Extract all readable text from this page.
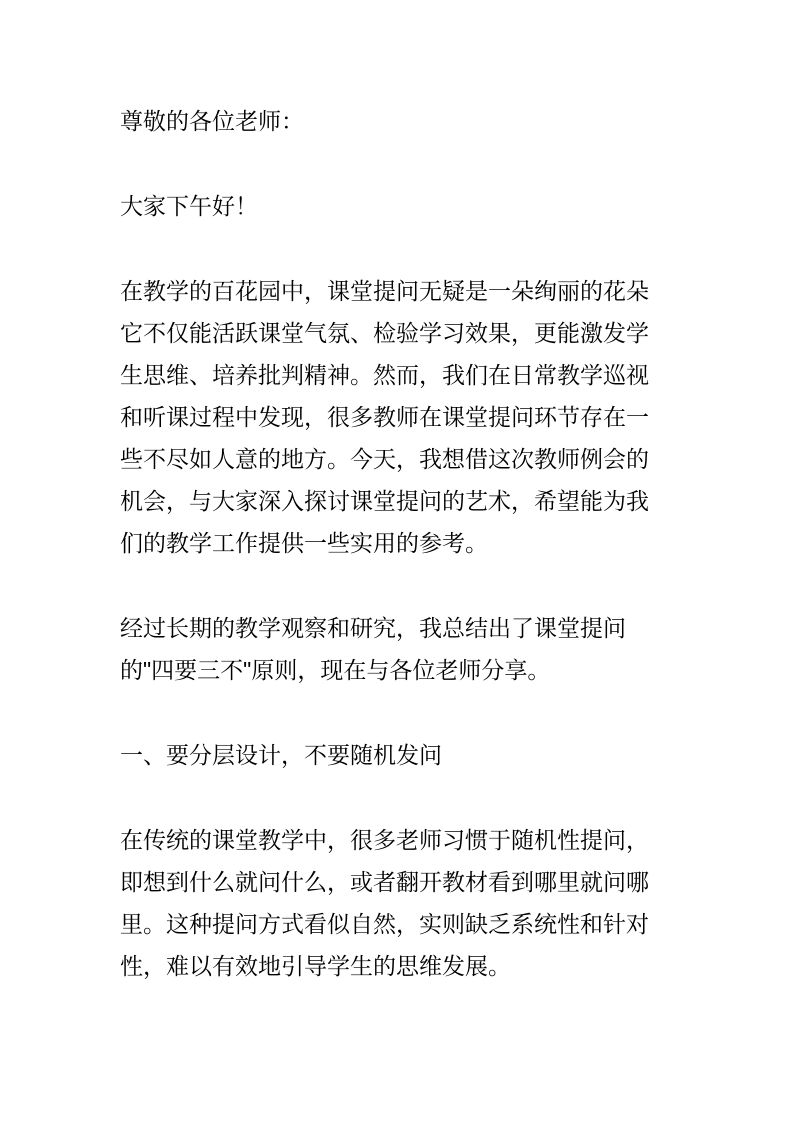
尊敬的各位老师：

大家下午好！

在教学的百花园中，课堂提问无疑是一朵绚丽的花朵它不仅能活跃课堂气氛、检验学习效果，更能激发学生思维、培养批判精神。然而，我们在日常教学巡视和听课过程中发现，很多教师在课堂提问环节存在一些不尽如人意的地方。今天，我想借这次教师例会的机会，与大家深入探讨课堂提问的艺术，希望能为我们的教学工作提供一些实用的参考。

经过长期的教学观察和研究，我总结出了课堂提问的"四要三不"原则，现在与各位老师分享。

一、要分层设计，不要随机发问

在传统的课堂教学中，很多老师习惯于随机性提问，即想到什么就问什么，或者翻开教材看到哪里就问哪里。这种提问方式看似自然，实则缺乏系统性和针对性，难以有效地引导学生的思维发展。
